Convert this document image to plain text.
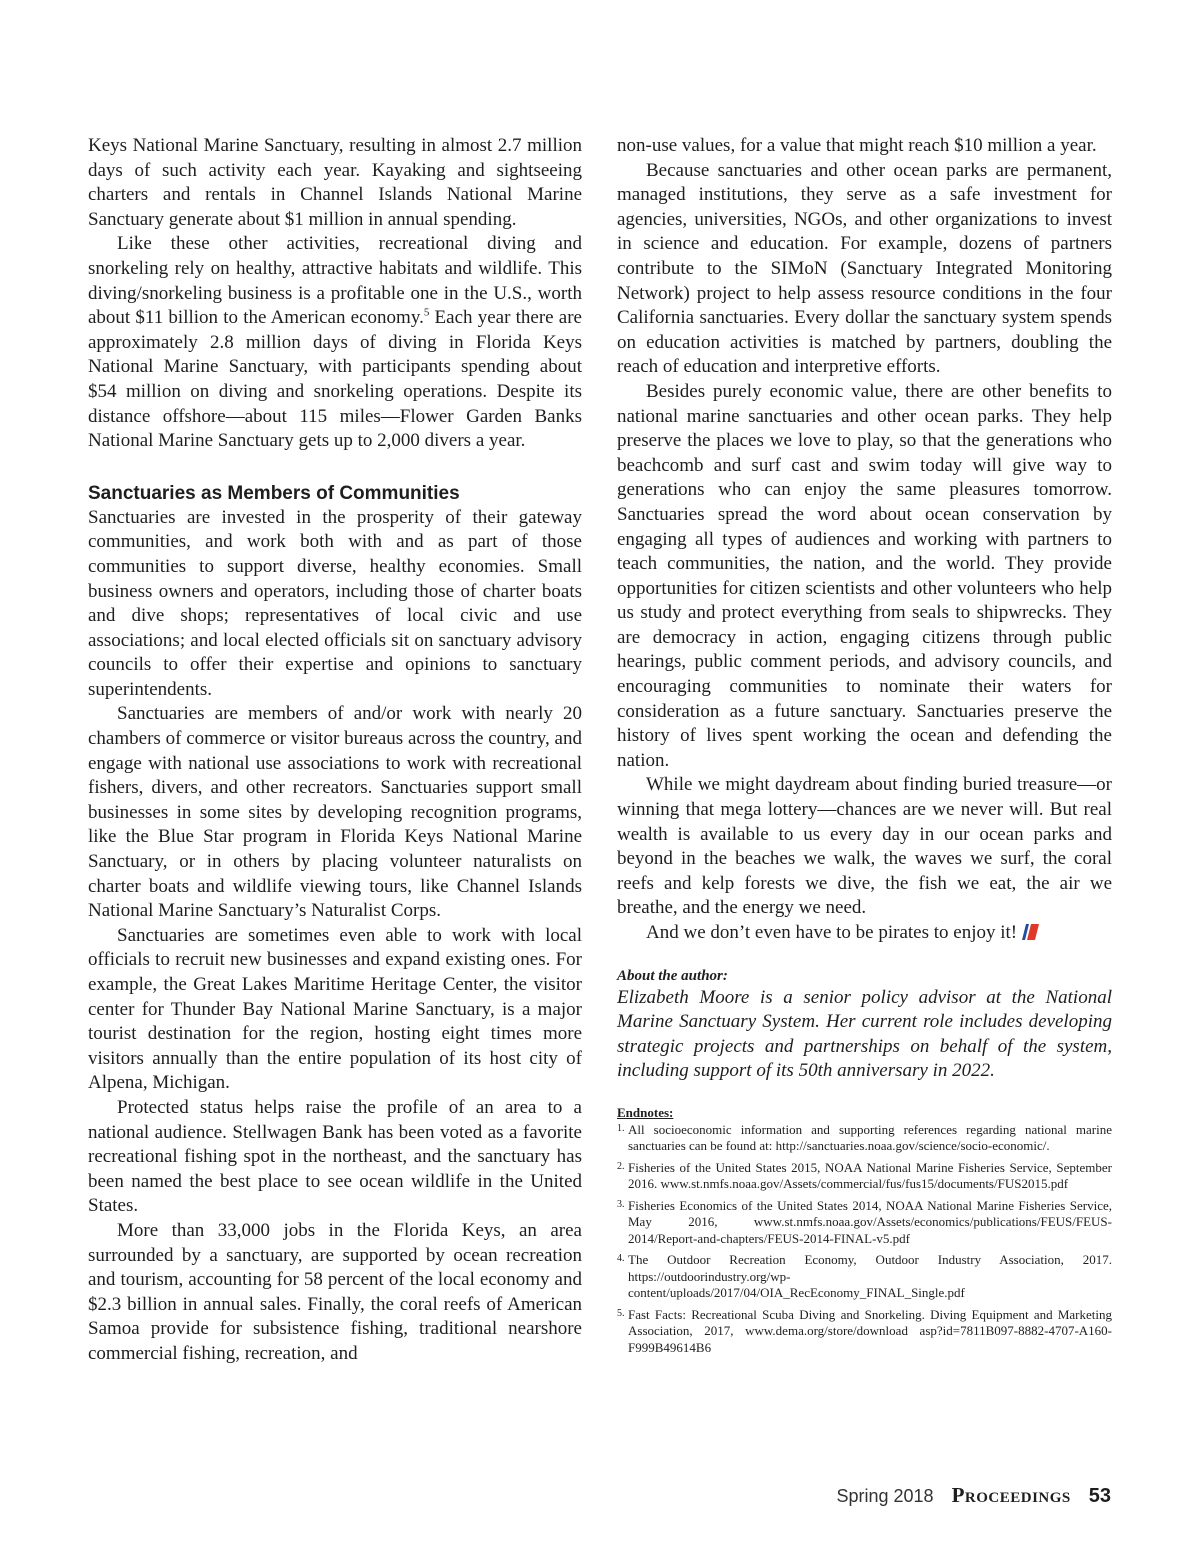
Keys National Marine Sanctuary, resulting in almost 2.7 million days of such activity each year. Kayaking and sightseeing charters and rentals in Channel Islands National Marine Sanctuary generate about $1 million in annual spending.

Like these other activities, recreational diving and snorkeling rely on healthy, attractive habitats and wildlife. This diving/snorkeling business is a profitable one in the U.S., worth about $11 billion to the American economy.$^5$ Each year there are approximately 2.8 million days of diving in Florida Keys National Marine Sanctuary, with participants spending about $54 million on diving and snorkeling operations. Despite its distance offshore—about 115 miles—Flower Garden Banks National Marine Sanctuary gets up to 2,000 divers a year.

Sanctuaries as Members of Communities

Sanctuaries are invested in the prosperity of their gateway communities, and work both with and as part of those communities to support diverse, healthy economies. Small business owners and operators, including those of charter boats and dive shops; representatives of local civic and use associations; and local elected officials sit on sanctuary advisory councils to offer their expertise and opinions to sanctuary superintendents.

Sanctuaries are members of and/or work with nearly 20 chambers of commerce or visitor bureaus across the country, and engage with national use associations to work with recreational fishers, divers, and other recreators. Sanctuaries support small businesses in some sites by developing recognition programs, like the Blue Star program in Florida Keys National Marine Sanctuary, or in others by placing volunteer naturalists on charter boats and wildlife viewing tours, like Channel Islands National Marine Sanctuary’s Naturalist Corps.

Sanctuaries are sometimes even able to work with local officials to recruit new businesses and expand existing ones. For example, the Great Lakes Maritime Heritage Center, the visitor center for Thunder Bay National Marine Sanctuary, is a major tourist destination for the region, hosting eight times more visitors annually than the entire population of its host city of Alpena, Michigan.

Protected status helps raise the profile of an area to a national audience. Stellwagen Bank has been voted as a favorite recreational fishing spot in the northeast, and the sanctuary has been named the best place to see ocean wildlife in the United States.

More than 33,000 jobs in the Florida Keys, an area surrounded by a sanctuary, are supported by ocean recreation and tourism, accounting for 58 percent of the local economy and $2.3 billion in annual sales. Finally, the coral reefs of American Samoa provide for subsistence fishing, traditional nearshore commercial fishing, recreation, and

non-use values, for a value that might reach $10 million a year.

Because sanctuaries and other ocean parks are permanent, managed institutions, they serve as a safe investment for agencies, universities, NGOs, and other organizations to invest in science and education. For example, dozens of partners contribute to the SIMoN (Sanctuary Integrated Monitoring Network) project to help assess resource conditions in the four California sanctuaries. Every dollar the sanctuary system spends on education activities is matched by partners, doubling the reach of education and interpretive efforts.

Besides purely economic value, there are other benefits to national marine sanctuaries and other ocean parks. They help preserve the places we love to play, so that the generations who beachcomb and surf cast and swim today will give way to generations who can enjoy the same pleasures tomorrow. Sanctuaries spread the word about ocean conservation by engaging all types of audiences and working with partners to teach communities, the nation, and the world. They provide opportunities for citizen scientists and other volunteers who help us study and protect everything from seals to shipwrecks. They are democracy in action, engaging citizens through public hearings, public comment periods, and advisory councils, and encouraging communities to nominate their waters for consideration as a future sanctuary. Sanctuaries preserve the history of lives spent working the ocean and defending the nation.

While we might daydream about finding buried treasure—or winning that mega lottery—chances are we never will. But real wealth is available to us every day in our ocean parks and beyond in the beaches we walk, the waves we surf, the coral reefs and kelp forests we dive, the fish we eat, the air we breathe, and the energy we need.

And we don’t even have to be pirates to enjoy it!

About the author:

Elizabeth Moore is a senior policy advisor at the National Marine Sanctuary System. Her current role includes developing strategic projects and partnerships on behalf of the system, including support of its 50th anniversary in 2022.

Endnotes:
1. All socioeconomic information and supporting references regarding national marine sanctuaries can be found at: http://sanctuaries.noaa.gov/science/socio-economic/.
2. Fisheries of the United States 2015, NOAA National Marine Fisheries Service, September 2016. www.st.nmfs.noaa.gov/Assets/commercial/fus/fus15/documents/FUS2015.pdf
3. Fisheries Economics of the United States 2014, NOAA National Marine Fisheries Service, May 2016, www.st.nmfs.noaa.gov/Assets/economics/publications/FEUS/FEUS-2014/Report-and-chapters/FEUS-2014-FINAL-v5.pdf
4. The Outdoor Recreation Economy, Outdoor Industry Association, 2017. https://outdoorindustry.org/wp-content/uploads/2017/04/OIA_RecEconomy_FINAL_Single.pdf
5. Fast Facts: Recreational Scuba Diving and Snorkeling. Diving Equipment and Marketing Association, 2017, www.dema.org/store/download asp?id=7811B097-8882-4707-A160-F999B49614B6
Spring 2018 Proceedings 53
